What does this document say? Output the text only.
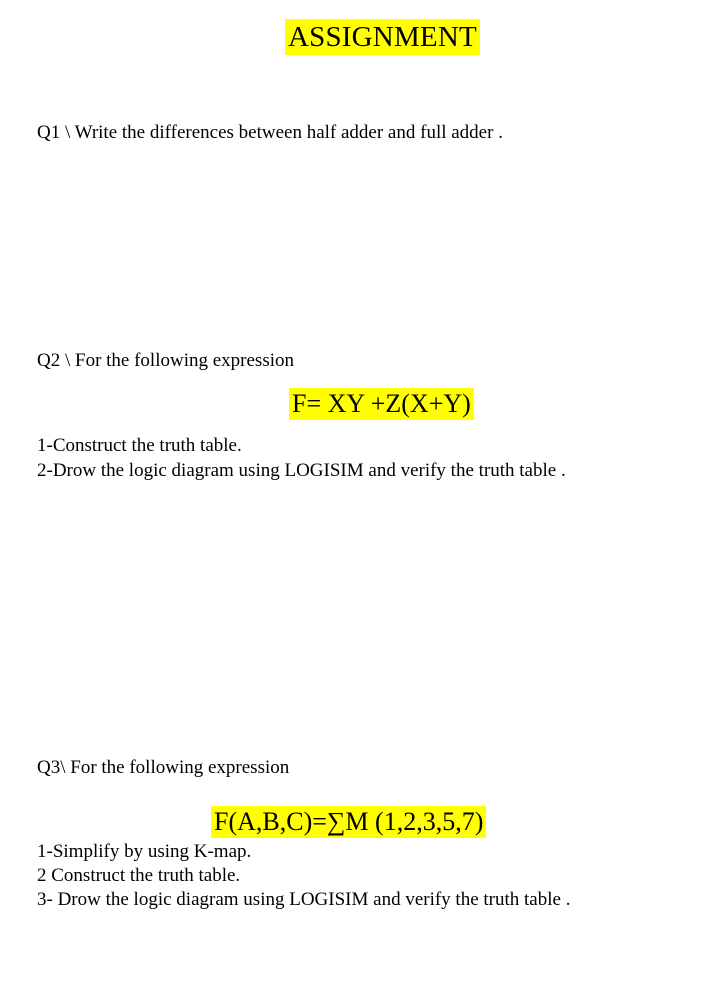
ASSIGNMENT
Q1 \ Write the differences between half adder and full adder .
Q2 \ For the following expression
F= XY +Z(X+Y)
1-Construct the truth table.
2-Drow the logic diagram using LOGISIM and verify the truth table .
Q3\ For the following expression
F(A,B,C)=∑M (1,2,3,5,7)
1-Simplify by using K-map.
2 Construct the truth table.
3- Drow the logic diagram using LOGISIM and verify the truth table .
